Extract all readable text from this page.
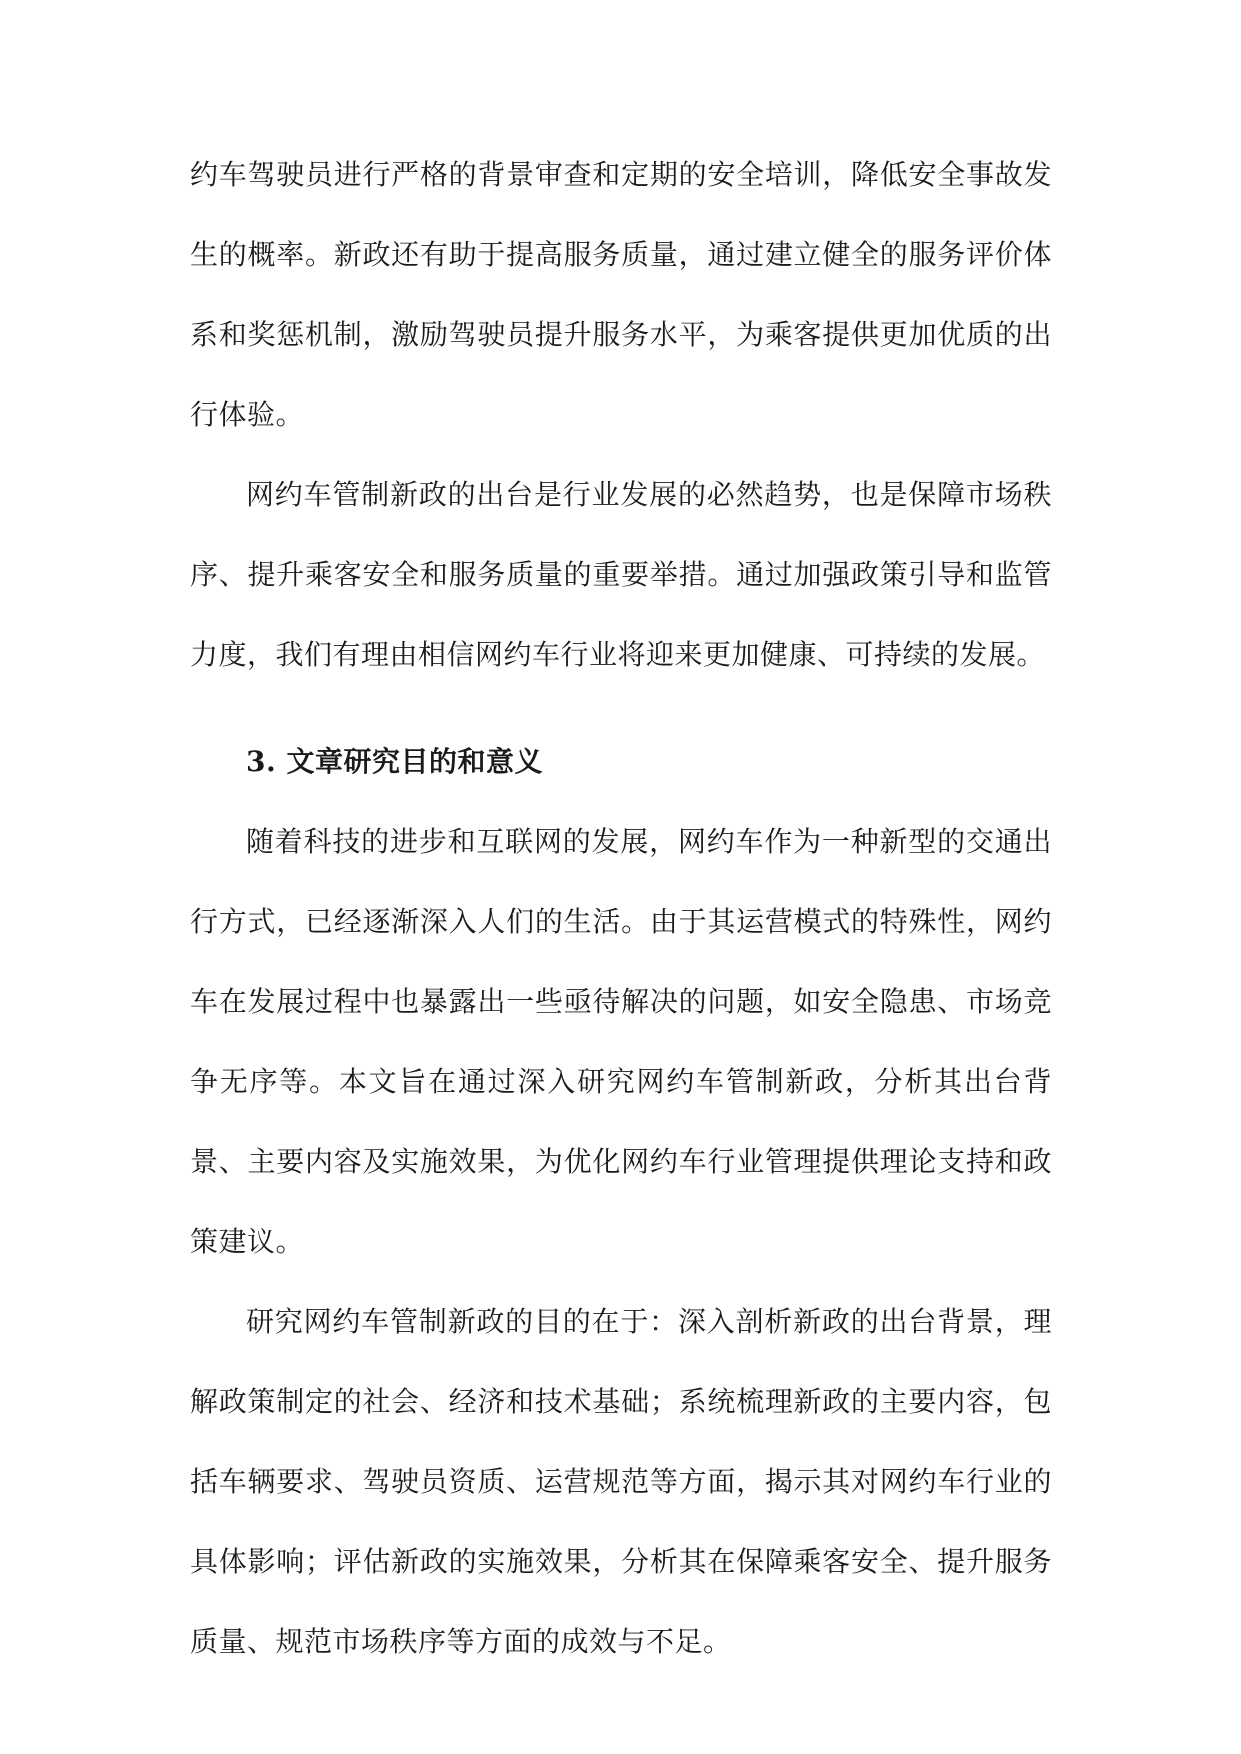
约车驾驶员进行严格的背景审查和定期的安全培训，降低安全事故发生的概率。新政还有助于提高服务质量，通过建立健全的服务评价体系和奖惩机制，激励驾驶员提升服务水平，为乘客提供更加优质的出行体验。

网约车管制新政的出台是行业发展的必然趋势，也是保障市场秩序、提升乘客安全和服务质量的重要举措。通过加强政策引导和监管力度，我们有理由相信网约车行业将迎来更加健康、可持续的发展。

3. 文章研究目的和意义

随着科技的进步和互联网的发展，网约车作为一种新型的交通出行方式，已经逐渐深入人们的生活。由于其运营模式的特殊性，网约车在发展过程中也暴露出一些亟待解决的问题，如安全隐患、市场竞争无序等。本文旨在通过深入研究网约车管制新政，分析其出台背景、主要内容及实施效果，为优化网约车行业管理提供理论支持和政策建议。

研究网约车管制新政的目的在于：深入剖析新政的出台背景，理解政策制定的社会、经济和技术基础；系统梳理新政的主要内容，包括车辆要求、驾驶员资质、运营规范等方面，揭示其对网约车行业的具体影响；评估新政的实施效果，分析其在保障乘客安全、提升服务质量、规范市场秩序等方面的成效与不足。
